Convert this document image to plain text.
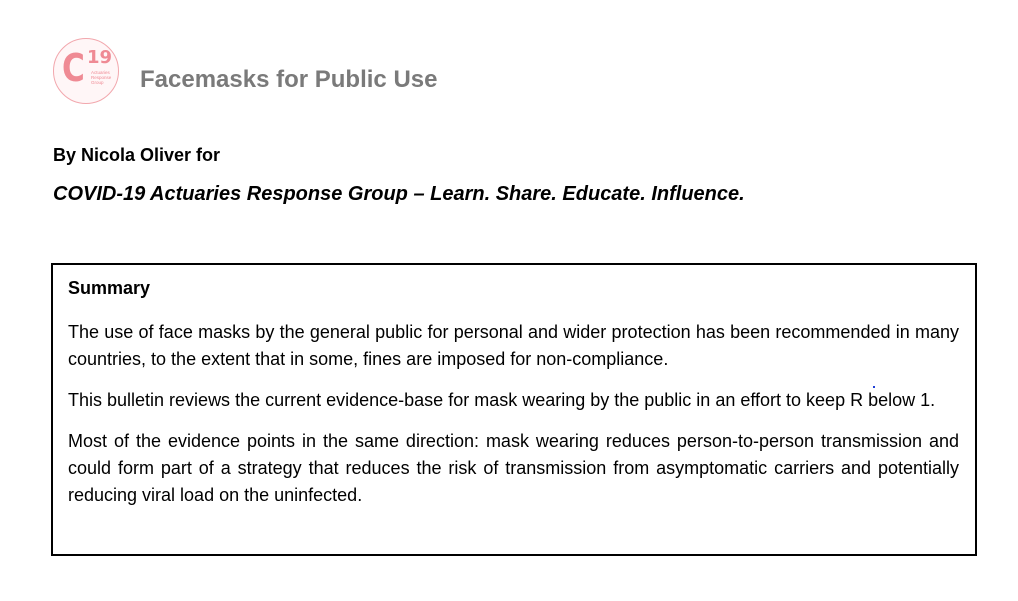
C 19
Actuaries Response Group	Facemasks for Public Use
By Nicola Oliver for
COVID-19 Actuaries Response Group – Learn. Share. Educate. Influence.

Summary

The use of face masks by the general public for personal and wider protection has been recommended in many countries, to the extent that in some, fines are imposed for non-compliance.

This bulletin reviews the current evidence-base for mask wearing by the public in an effort to keep R below 1.

Most of the evidence points in the same direction: mask wearing reduces person-to-person transmission and could form part of a strategy that reduces the risk of transmission from asymptomatic carriers and potentially reducing viral load on the uninfected.
